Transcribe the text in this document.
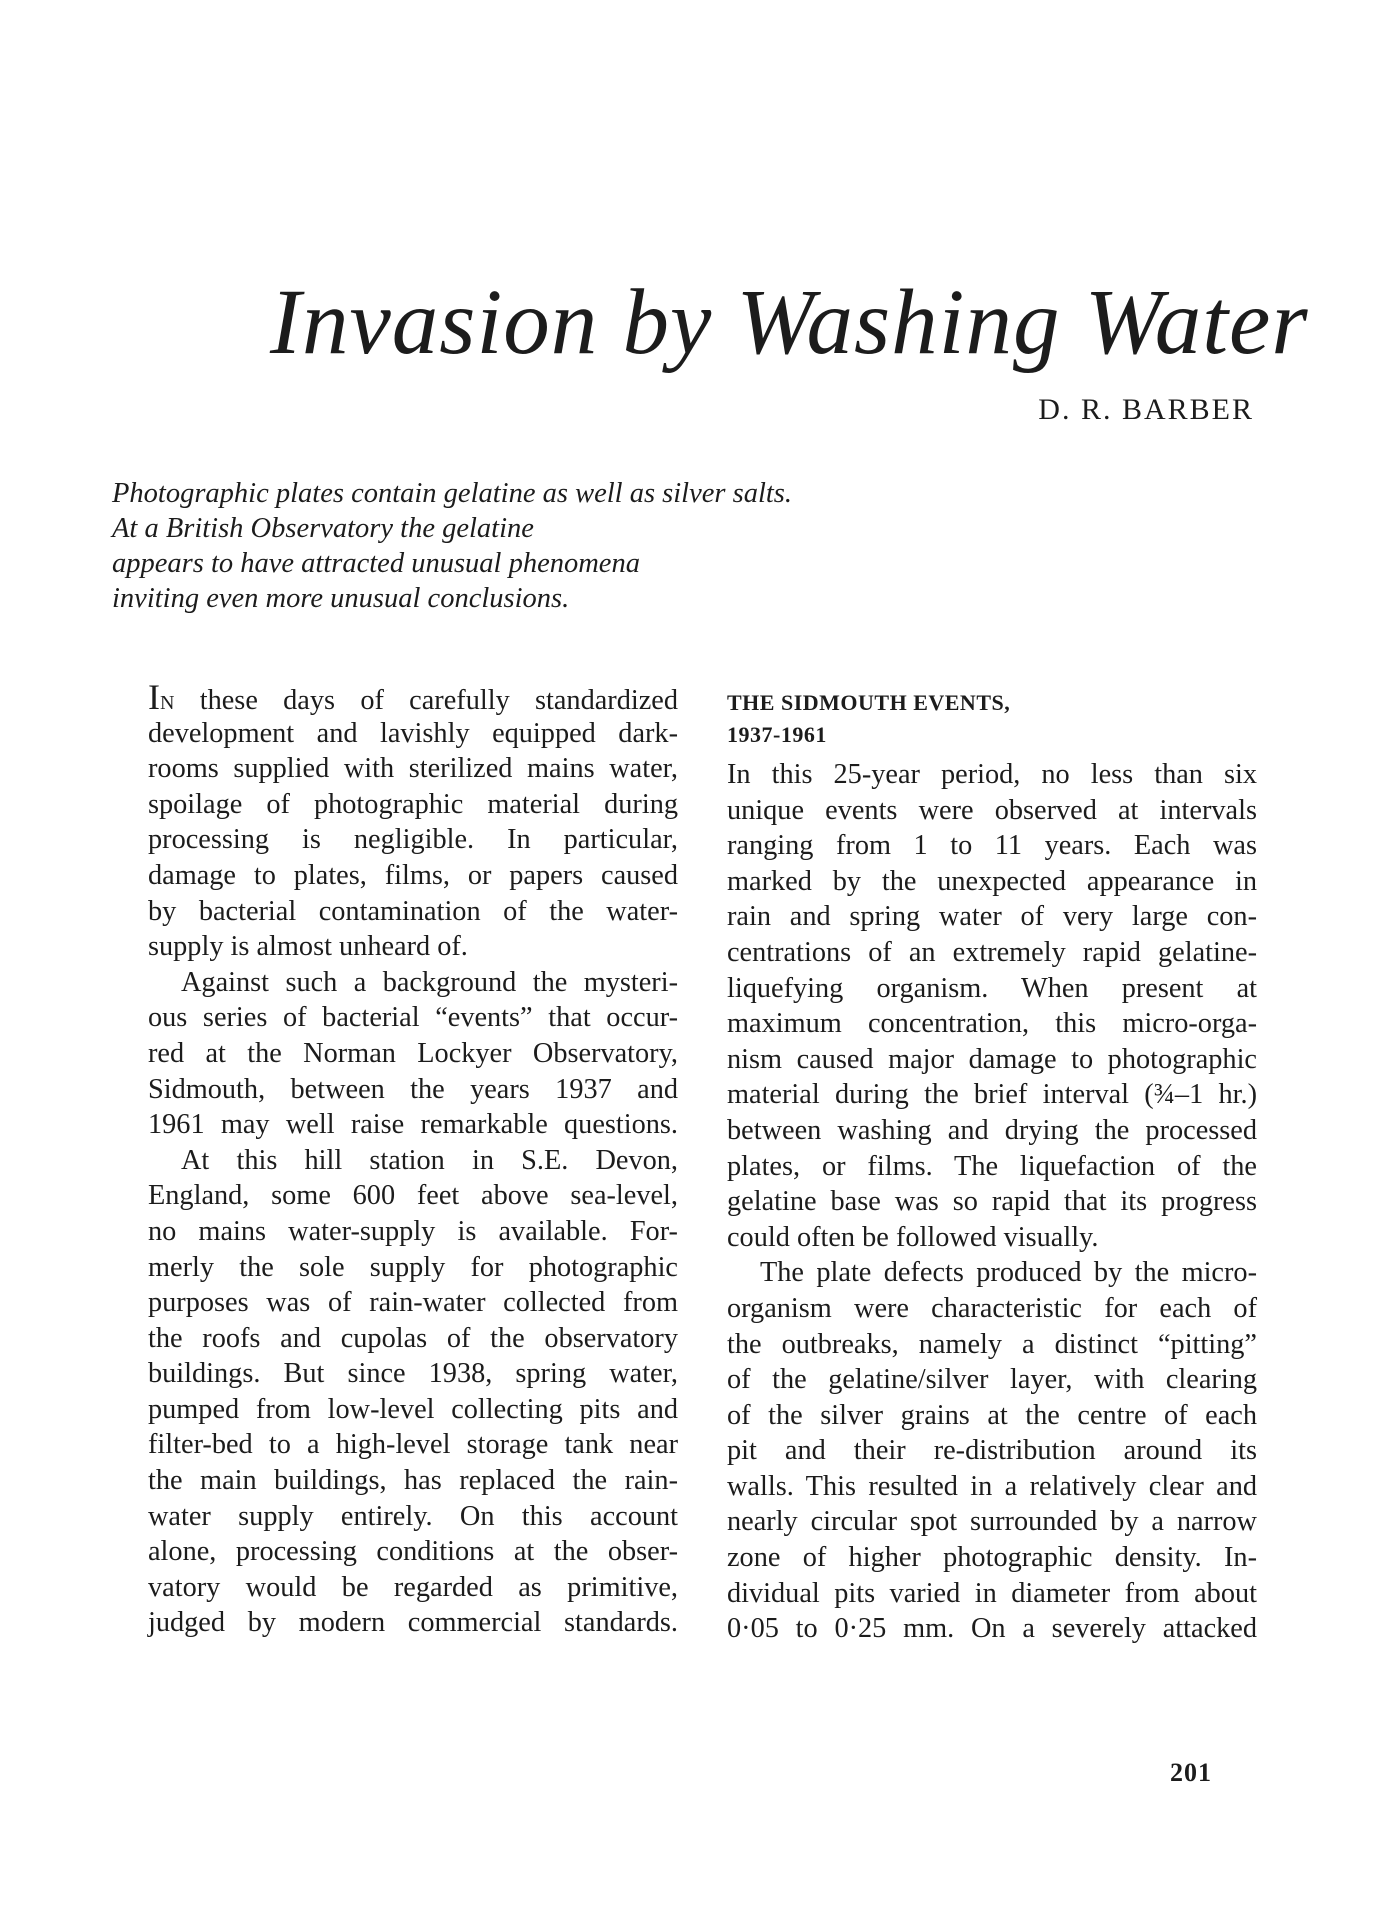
Invasion by Washing Water
D. R. BARBER
Photographic plates contain gelatine as well as silver salts.
At a British Observatory the gelatine
appears to have attracted unusual phenomena
inviting even more unusual conclusions.
In these days of carefully standardized
development and lavishly equipped dark-
rooms supplied with sterilized mains water,
spoilage of photographic material during
processing is negligible. In particular,
damage to plates, films, or papers caused
by bacterial contamination of the water-
supply is almost unheard of.
Against such a background the mysteri-
ous series of bacterial “events” that occur-
red at the Norman Lockyer Observatory,
Sidmouth, between the years 1937 and
1961 may well raise remarkable questions.
At this hill station in S.E. Devon,
England, some 600 feet above sea-level,
no mains water-supply is available. For-
merly the sole supply for photographic
purposes was of rain-water collected from
the roofs and cupolas of the observatory
buildings. But since 1938, spring water,
pumped from low-level collecting pits and
filter-bed to a high-level storage tank near
the main buildings, has replaced the rain-
water supply entirely. On this account
alone, processing conditions at the obser-
vatory would be regarded as primitive,
judged by modern commercial standards.
THE SIDMOUTH EVENTS,
1937-1961
In this 25-year period, no less than six
unique events were observed at intervals
ranging from 1 to 11 years. Each was
marked by the unexpected appearance in
rain and spring water of very large con-
centrations of an extremely rapid gelatine-
liquefying organism. When present at
maximum concentration, this micro-orga-
nism caused major damage to photographic
material during the brief interval (¾–1 hr.)
between washing and drying the processed
plates, or films. The liquefaction of the
gelatine base was so rapid that its progress
could often be followed visually.
The plate defects produced by the micro-
organism were characteristic for each of
the outbreaks, namely a distinct “pitting”
of the gelatine/silver layer, with clearing
of the silver grains at the centre of each
pit and their re-distribution around its
walls. This resulted in a relatively clear and
nearly circular spot surrounded by a narrow
zone of higher photographic density. In-
dividual pits varied in diameter from about
0·05 to 0·25 mm. On a severely attacked
201
